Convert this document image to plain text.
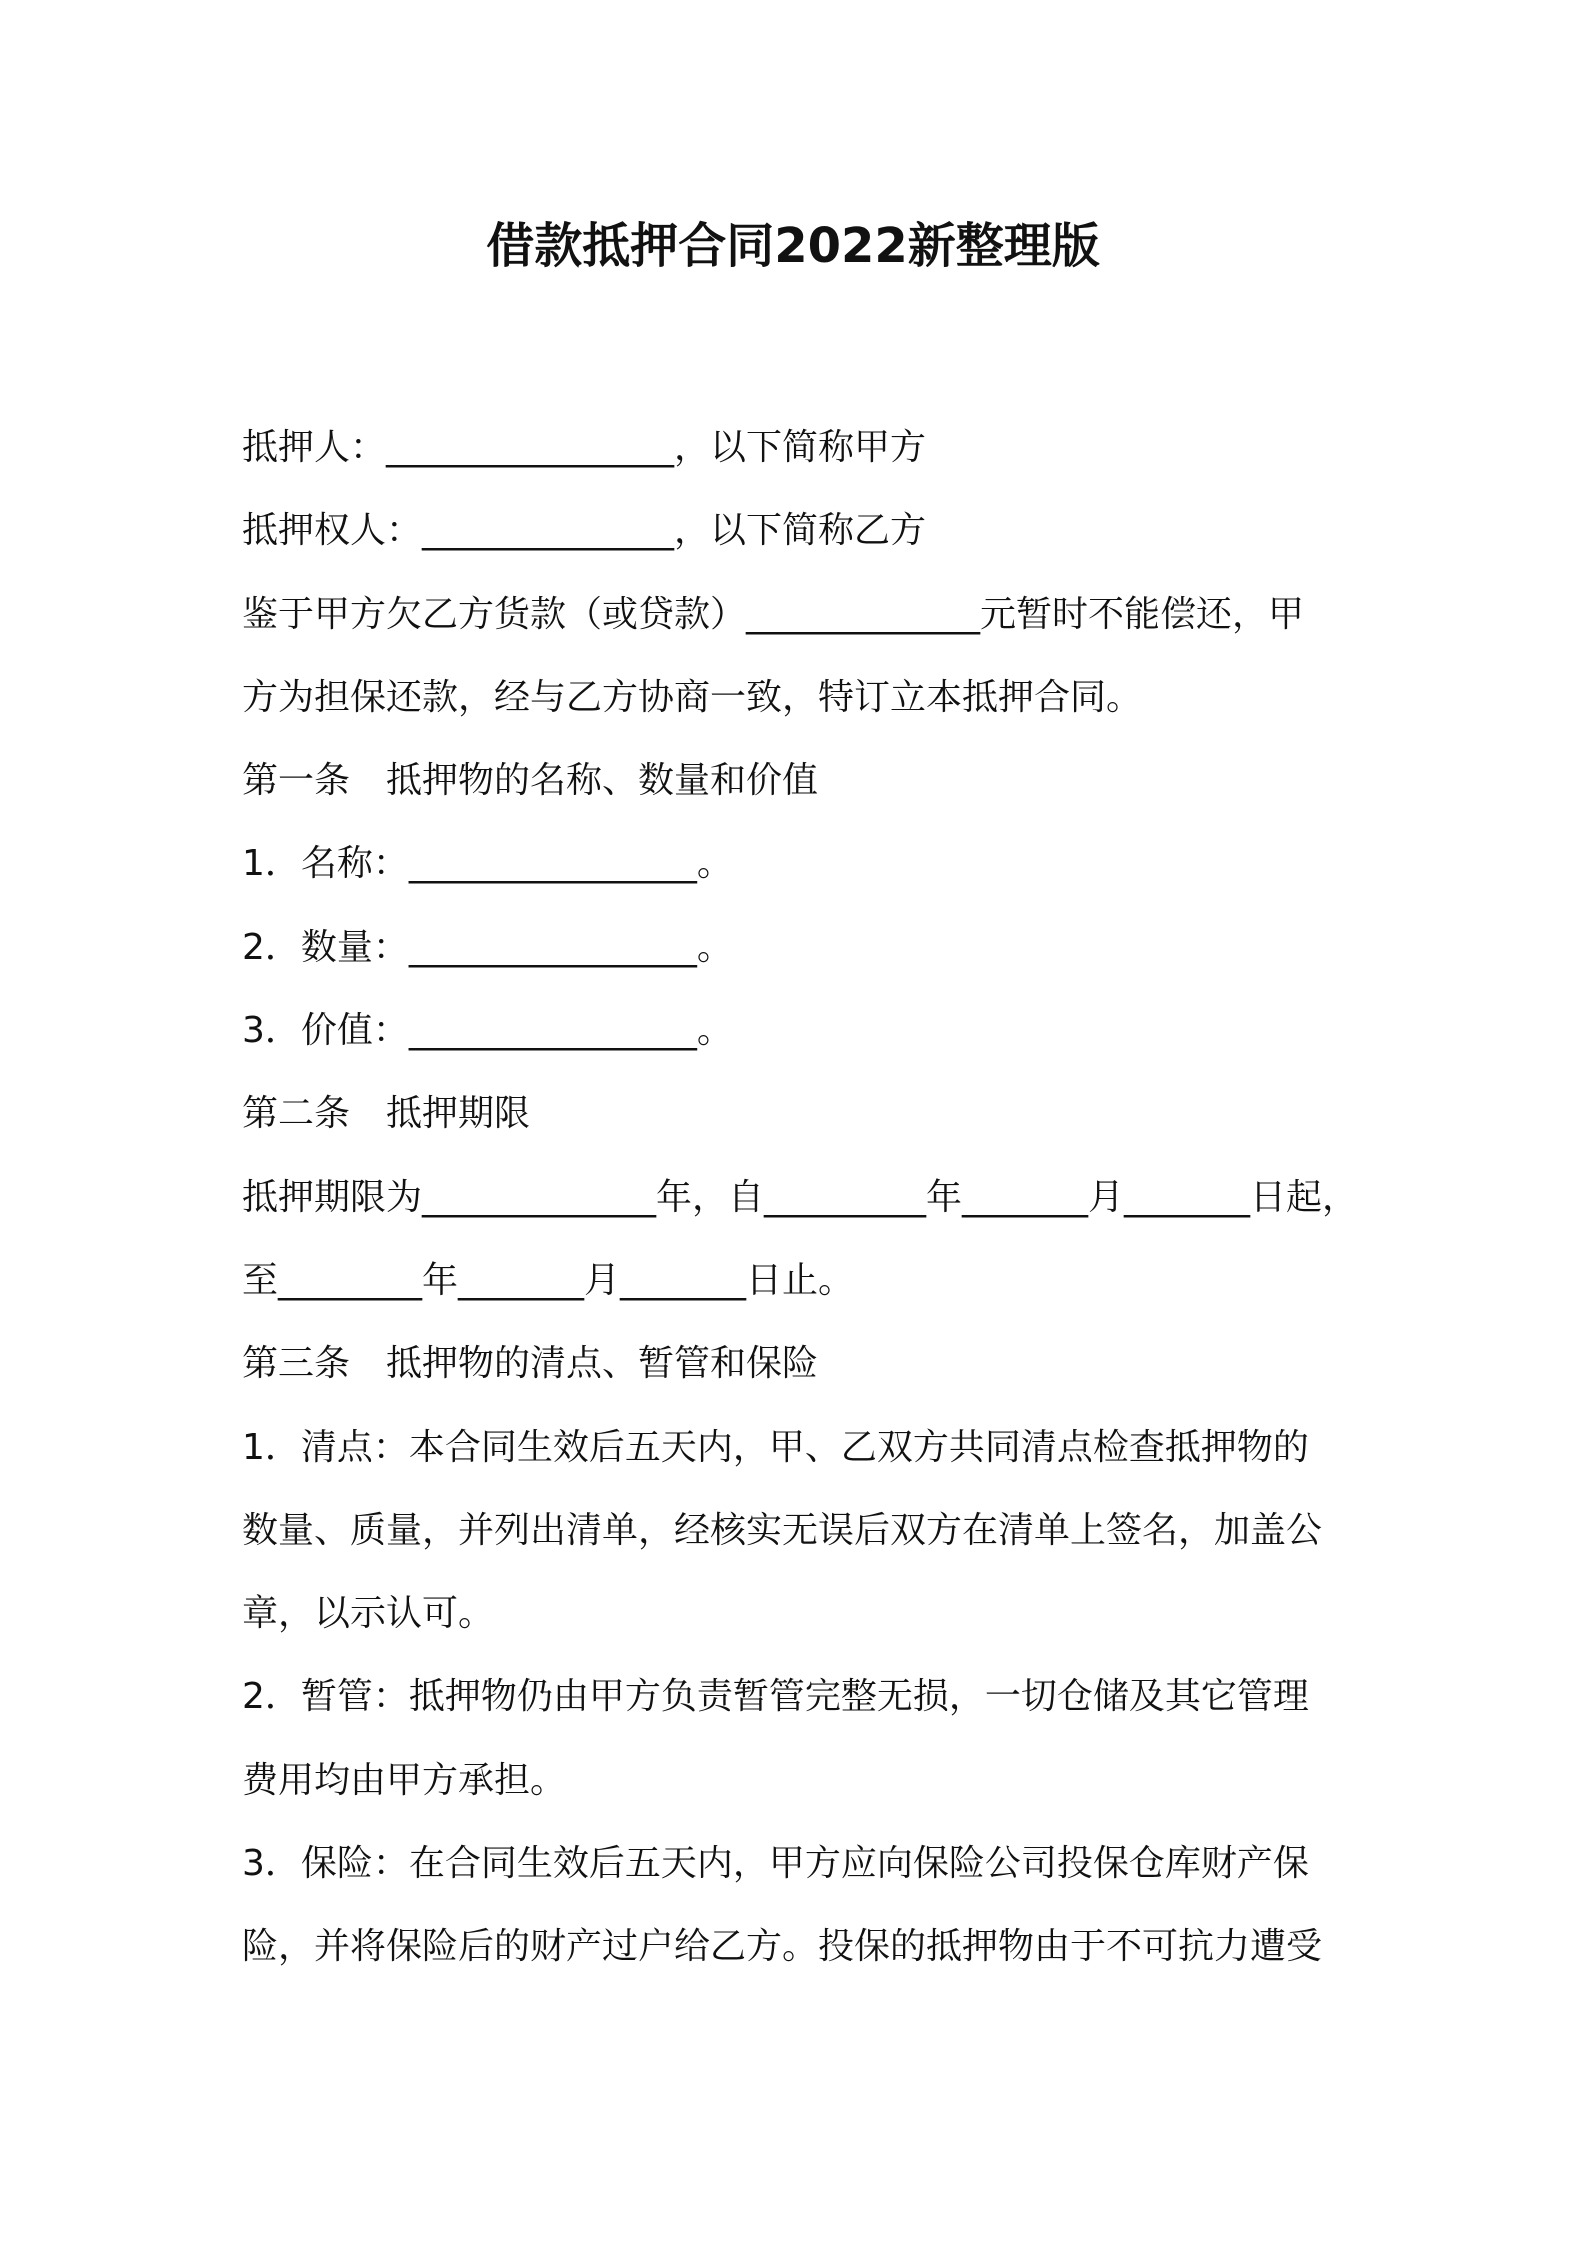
借款抵押合同2022新整理版
抵押人：________________，以下简称甲方
抵押权人：______________，以下简称乙方
鉴于甲方欠乙方货款（或贷款）_____________元暂时不能偿还，甲
方为担保还款，经与乙方协商一致，特订立本抵押合同。
第一条　抵押物的名称、数量和价值
1．名称：________________。
2．数量：________________。
3．价值：________________。
第二条　抵押期限
抵押期限为_____________年，自_________年_______月_______日起，
至________年_______月_______日止。
第三条　抵押物的清点、暂管和保险
1．清点：本合同生效后五天内，甲、乙双方共同清点检查抵押物的
数量、质量，并列出清单，经核实无误后双方在清单上签名，加盖公
章，以示认可。
2．暂管：抵押物仍由甲方负责暂管完整无损，一切仓储及其它管理
费用均由甲方承担。
3．保险：在合同生效后五天内，甲方应向保险公司投保仓库财产保
险，并将保险后的财产过户给乙方。投保的抵押物由于不可抗力遭受
